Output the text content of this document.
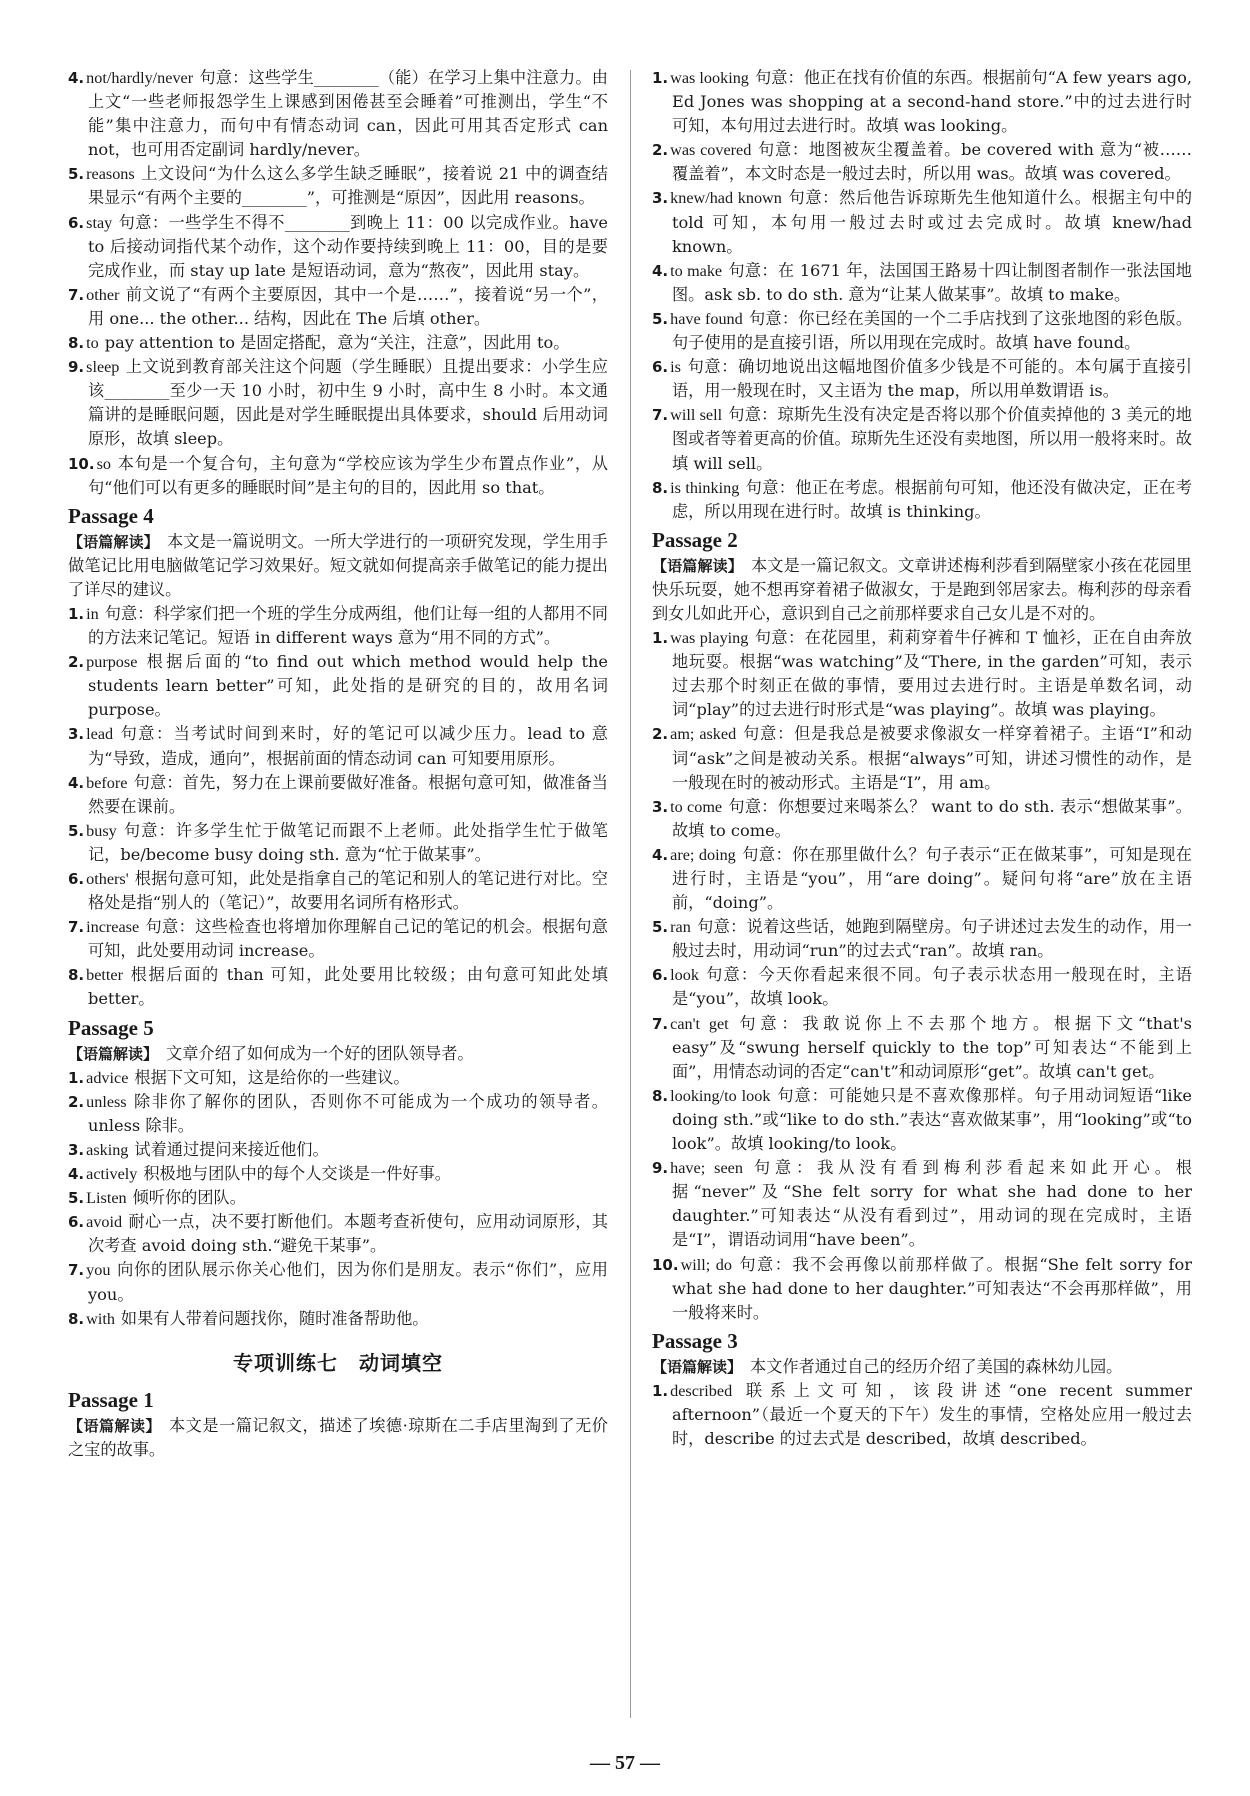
4. not/hardly/never 句意：这些学生________（能）在学习上集中注意力。由上文“一些老师报怨学生上课感到困倦甚至会睡着”可推测出，学生“不能”集中注意力，而句中有情态动词 can，因此可用其否定形式 can not，也可用否定副词 hardly/never。

5. reasons 上文设问“为什么这么多学生缺乏睡眠”，接着说 21 中的调查结果显示“有两个主要的________”，可推测是“原因”，因此用 reasons。

6. stay 句意：一些学生不得不________到晚上 11：00 以完成作业。have to 后接动词指代某个动作，这个动作要持续到晚上 11：00，目的是要完成作业，而 stay up late 是短语动词，意为“熬夜”，因此用 stay。

7. other 前文说了“有两个主要原因，其中一个是……”，接着说“另一个”，用 one... the other... 结构，因此在 The 后填 other。

8. to pay attention to 是固定搭配，意为“关注，注意”，因此用 to。

9. sleep 上文说到教育部关注这个问题（学生睡眠）且提出要求：小学生应该________至少一天 10 小时，初中生 9 小时，高中生 8 小时。本文通篇讲的是睡眠问题，因此是对学生睡眠提出具体要求，should 后用动词原形，故填 sleep。

10. so 本句是一个复合句，主句意为“学校应该为学生少布置点作业”，从句“他们可以有更多的睡眠时间”是主句的目的，因此用 so that。

Passage 4

【语篇解读】 本文是一篇说明文。一所大学进行的一项研究发现，学生用手做笔记比用电脑做笔记学习效果好。短文就如何提高亲手做笔记的能力提出了详尽的建议。

1. in 句意：科学家们把一个班的学生分成两组，他们让每一组的人都用不同的方法来记笔记。短语 in different ways 意为“用不同的方式”。

2. purpose 根据后面的“to find out which method would help the students learn better”可知，此处指的是研究的目的，故用名词 purpose。

3. lead 句意：当考试时间到来时，好的笔记可以减少压力。lead to 意为“导致，造成，通向”，根据前面的情态动词 can 可知要用原形。

4. before 句意：首先，努力在上课前要做好准备。根据句意可知，做准备当然要在课前。

5. busy 句意：许多学生忙于做笔记而跟不上老师。此处指学生忙于做笔记，be/become busy doing sth. 意为“忙于做某事”。

6. others' 根据句意可知，此处是指拿自己的笔记和别人的笔记进行对比。空格处是指“别人的（笔记）”，故要用名词所有格形式。

7. increase 句意：这些检查也将增加你理解自己记的笔记的机会。根据句意可知，此处要用动词 increase。

8. better 根据后面的 than 可知，此处要用比较级；由句意可知此处填 better。

Passage 5

【语篇解读】 文章介绍了如何成为一个好的团队领导者。

1. advice 根据下文可知，这是给你的一些建议。

2. unless 除非你了解你的团队，否则你不可能成为一个成功的领导者。unless 除非。

3. asking 试着通过提问来接近他们。

4. actively 积极地与团队中的每个人交谈是一件好事。

5. Listen 倾听你的团队。

6. avoid 耐心一点，决不要打断他们。本题考查祈使句，应用动词原形，其次考查 avoid doing sth.“避免干某事”。

7. you 向你的团队展示你关心他们，因为你们是朋友。表示“你们”，应用 you。

8. with 如果有人带着问题找你，随时准备帮助他。

专项训练七　动词填空
Passage 1

【语篇解读】 本文是一篇记叙文，描述了埃德·琼斯在二手店里淘到了无价之宝的故事。

1. was looking 句意：他正在找有价值的东西。根据前句“A few years ago, Ed Jones was shopping at a second-hand store.”中的过去进行时可知，本句用过去进行时。故填 was looking。

2. was covered 句意：地图被灰尘覆盖着。be covered with 意为“被……覆盖着”，本文时态是一般过去时，所以用 was。故填 was covered。

3. knew/had known 句意：然后他告诉琼斯先生他知道什么。根据主句中的 told 可知，本句用一般过去时或过去完成时。故填 knew/had known。

4. to make 句意：在 1671 年，法国国王路易十四让制图者制作一张法国地图。ask sb. to do sth. 意为“让某人做某事”。故填 to make。

5. have found 句意：你已经在美国的一个二手店找到了这张地图的彩色版。句子使用的是直接引语，所以用现在完成时。故填 have found。

6. is 句意：确切地说出这幅地图价值多少钱是不可能的。本句属于直接引语，用一般现在时，又主语为 the map，所以用单数谓语 is。

7. will sell 句意：琼斯先生没有决定是否将以那个价值卖掉他的 3 美元的地图或者等着更高的价值。琼斯先生还没有卖地图，所以用一般将来时。故填 will sell。

8. is thinking 句意：他正在考虑。根据前句可知，他还没有做决定，正在考虑，所以用现在进行时。故填 is thinking。

Passage 2

【语篇解读】 本文是一篇记叙文。文章讲述梅利莎看到隔壁家小孩在花园里快乐玩耍，她不想再穿着裙子做淑女，于是跑到邻居家去。梅利莎的母亲看到女儿如此开心，意识到自己之前那样要求自己女儿是不对的。

1. was playing 句意：在花园里，莉莉穿着牛仔裤和 T 恤衫，正在自由奔放地玩耍。根据“was watching”及“There, in the garden”可知，表示过去那个时刻正在做的事情，要用过去进行时。主语是单数名词，动词“play”的过去进行时形式是“was playing”。故填 was playing。

2. am; asked 句意：但是我总是被要求像淑女一样穿着裙子。主语“I”和动词“ask”之间是被动关系。根据“always”可知，讲述习惯性的动作，是一般现在时的被动形式。主语是“I”，用 am。

3. to come 句意：你想要过来喝茶么？ want to do sth. 表示“想做某事”。故填 to come。

4. are; doing 句意：你在那里做什么？句子表示“正在做某事”，可知是现在进行时，主语是“you”，用“are doing”。疑问句将“are”放在主语前，“doing”。

5. ran 句意：说着这些话，她跑到隔壁房。句子讲述过去发生的动作，用一般过去时，用动词“run”的过去式“ran”。故填 ran。

6. look 句意：今天你看起来很不同。句子表示状态用一般现在时，主语是“you”，故填 look。

7. can't get 句意：我敢说你上不去那个地方。根据下文“that's easy”及“swung herself quickly to the top”可知表达“不能到上面”，用情态动词的否定“can't”和动词原形“get”。故填 can't get。

8. looking/to look 句意：可能她只是不喜欢像那样。句子用动词短语“like doing sth.”或“like to do sth.”表达“喜欢做某事”，用“looking”或“to look”。故填 looking/to look。

9. have; seen 句意：我从没有看到梅利莎看起来如此开心。根据“never”及“She felt sorry for what she had done to her daughter.”可知表达“从没有看到过”，用动词的现在完成时，主语是“I”，谓语动词用“have been”。

10. will; do 句意：我不会再像以前那样做了。根据“She felt sorry for what she had done to her daughter.”可知表达“不会再那样做”，用一般将来时。

Passage 3

【语篇解读】 本文作者通过自己的经历介绍了美国的森林幼儿园。

1. described 联系上文可知，该段讲述“one recent summer afternoon”（最近一个夏天的下午）发生的事情，空格处应用一般过去时，describe 的过去式是 described，故填 described。

— 57 —
